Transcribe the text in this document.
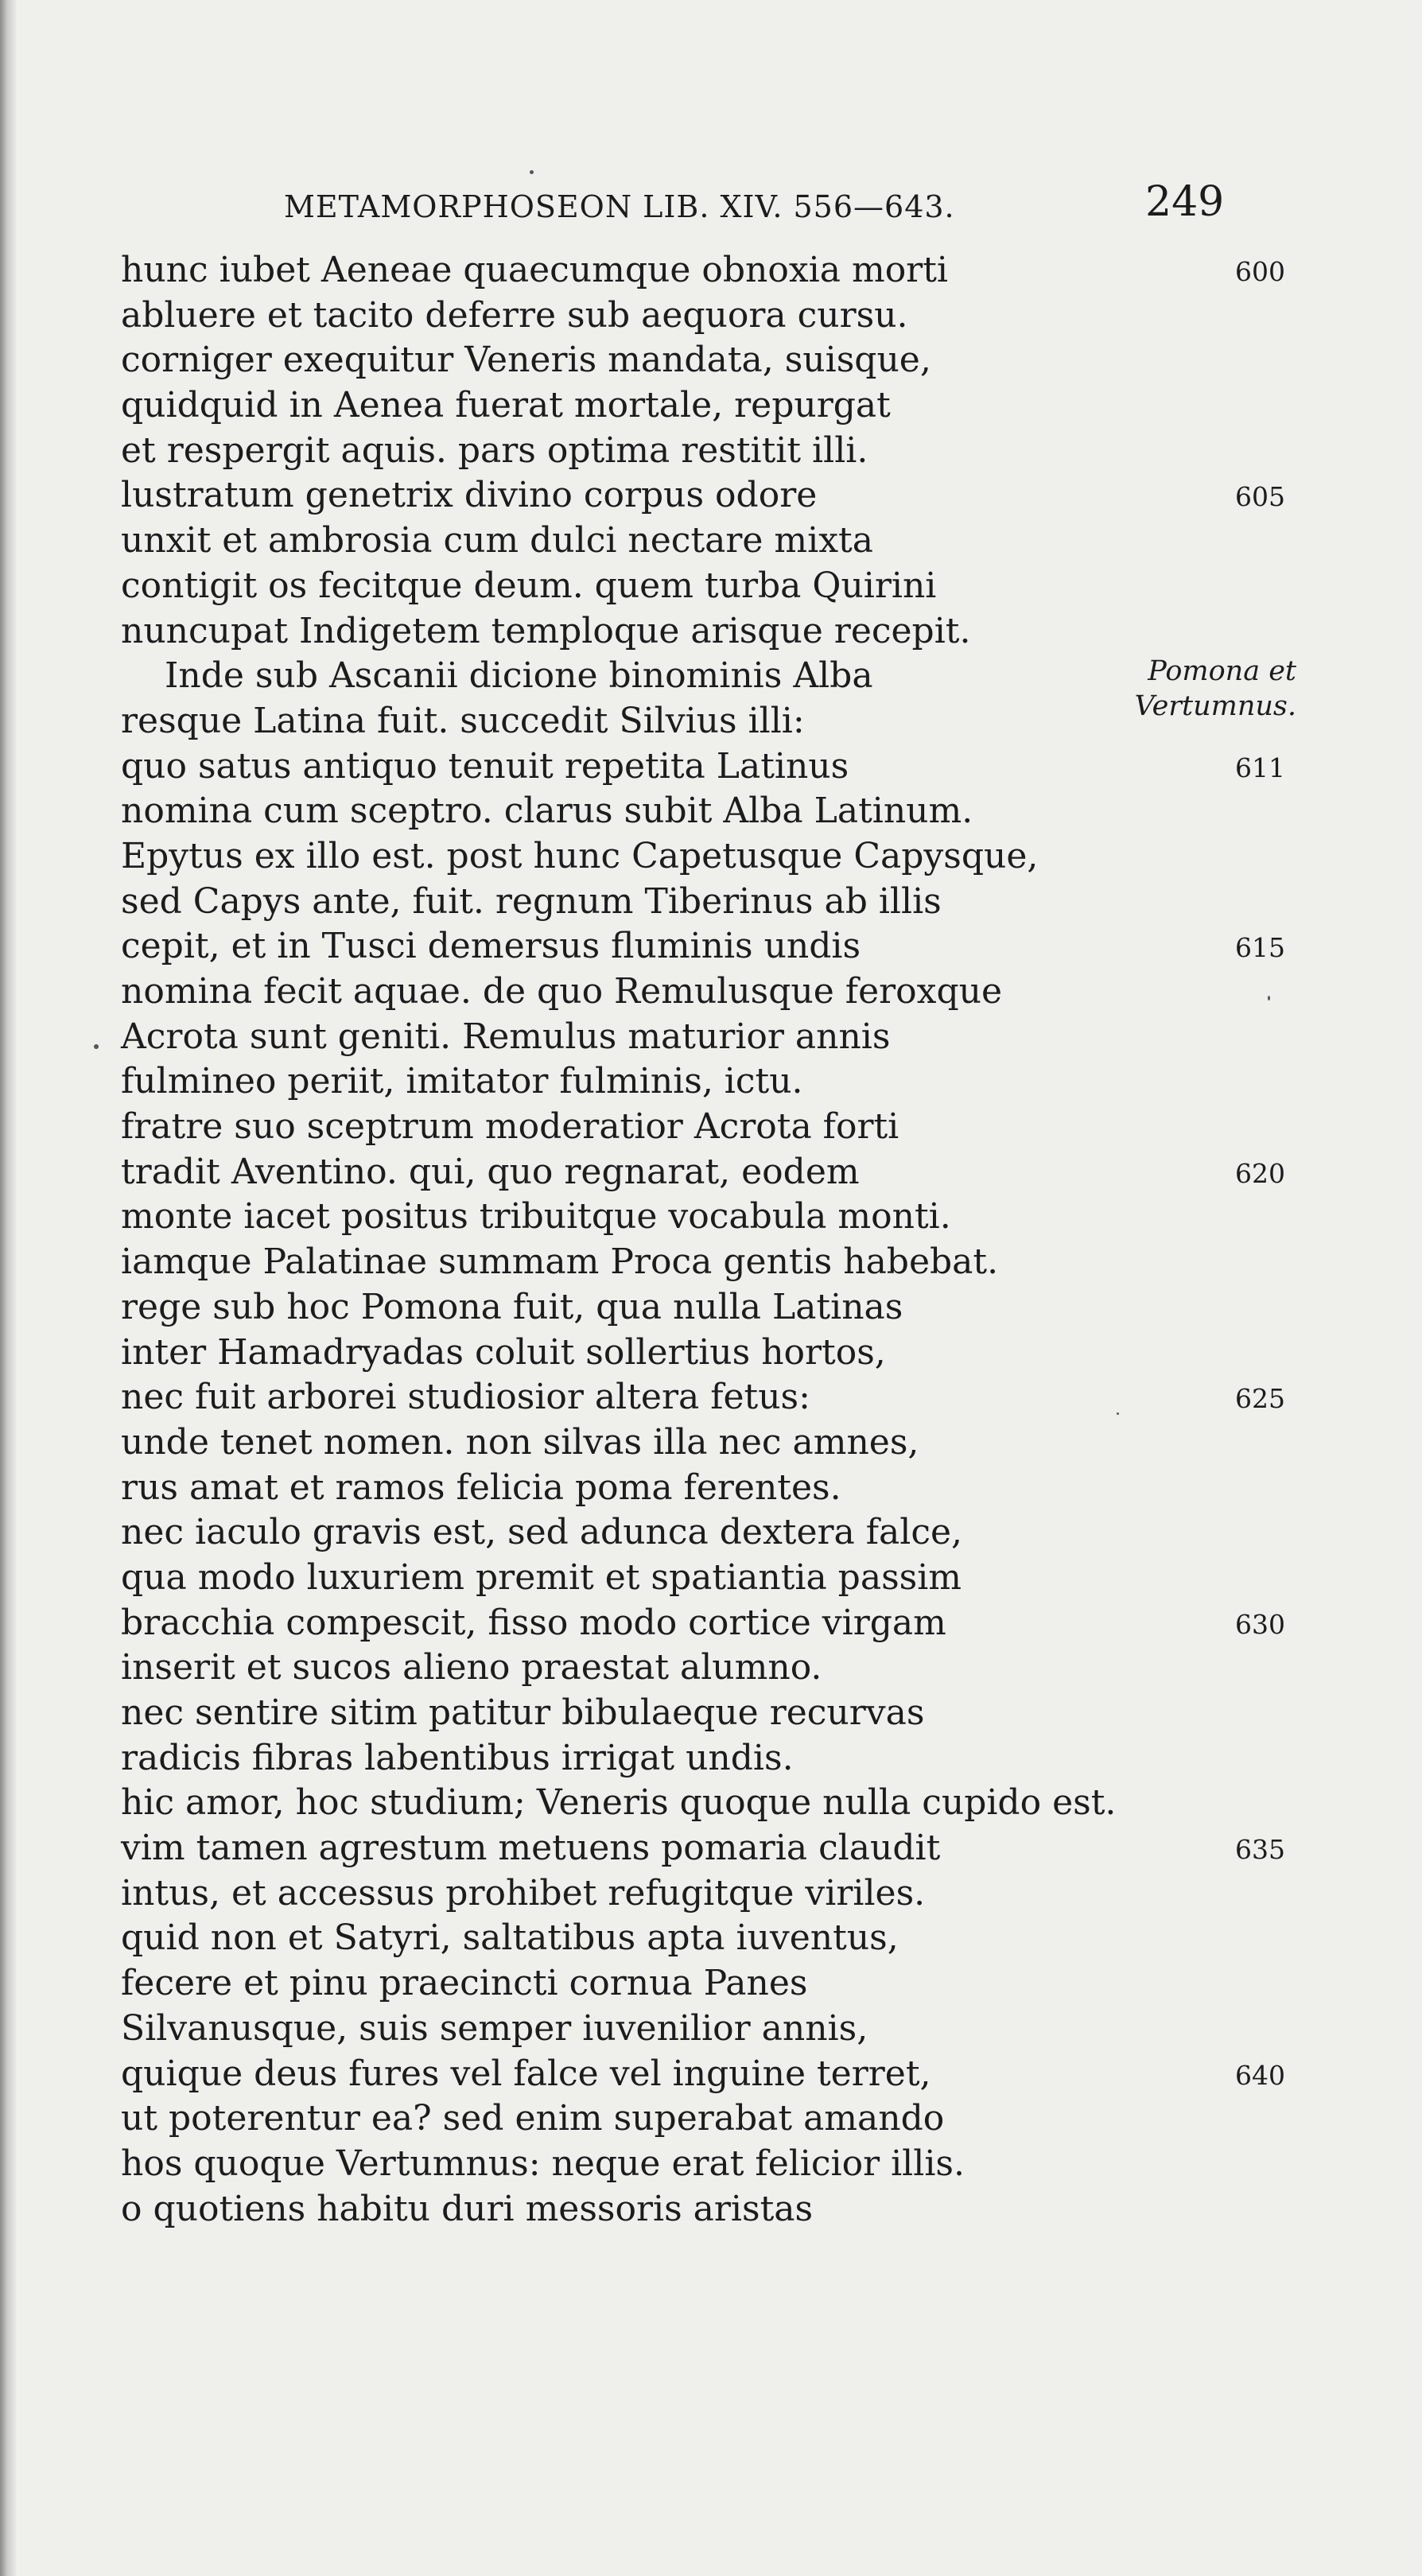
METAMORPHOSEON LIB. XIV. 556—643.	249
Pomona et
Vertumnus.
hunc iubet Aeneae quaecumque obnoxia morti	600
abluere et tacito deferre sub aequora cursu.
corniger exequitur Veneris mandata, suisque,
quidquid in Aenea fuerat mortale, repurgat
et respergit aquis. pars optima restitit illi.
lustratum genetrix divino corpus odore	605
unxit et ambrosia cum dulci nectare mixta
contigit os fecitque deum. quem turba Quirini
nuncupat Indigetem temploque arisque recepit.
Inde sub Ascanii dicione binominis Alba
resque Latina fuit. succedit Silvius illi:
quo satus antiquo tenuit repetita Latinus	611
nomina cum sceptro. clarus subit Alba Latinum.
Epytus ex illo est. post hunc Capetusque Capysque,
sed Capys ante, fuit. regnum Tiberinus ab illis
cepit, et in Tusci demersus fluminis undis	615
nomina fecit aquae. de quo Remulusque feroxque
Acrota sunt geniti. Remulus maturior annis
fulmineo periit, imitator fulminis, ictu.
fratre suo sceptrum moderatior Acrota forti
tradit Aventino. qui, quo regnarat, eodem	620
monte iacet positus tribuitque vocabula monti.
iamque Palatinae summam Proca gentis habebat.
rege sub hoc Pomona fuit, qua nulla Latinas
inter Hamadryadas coluit sollertius hortos,
nec fuit arborei studiosior altera fetus:	625
unde tenet nomen. non silvas illa nec amnes,
rus amat et ramos felicia poma ferentes.
nec iaculo gravis est, sed adunca dextera falce,
qua modo luxuriem premit et spatiantia passim
bracchia compescit, fisso modo cortice virgam	630
inserit et sucos alieno praestat alumno.
nec sentire sitim patitur bibulaeque recurvas
radicis fibras labentibus irrigat undis.
hic amor, hoc studium; Veneris quoque nulla cupido est.
vim tamen agrestum metuens pomaria claudit	635
intus, et accessus prohibet refugitque viriles.
quid non et Satyri, saltatibus apta iuventus,
fecere et pinu praecincti cornua Panes
Silvanusque, suis semper iuvenilior annis,
quique deus fures vel falce vel inguine terret,	640
ut poterentur ea? sed enim superabat amando
hos quoque Vertumnus: neque erat felicior illis.
o quotiens habitu duri messoris aristas
